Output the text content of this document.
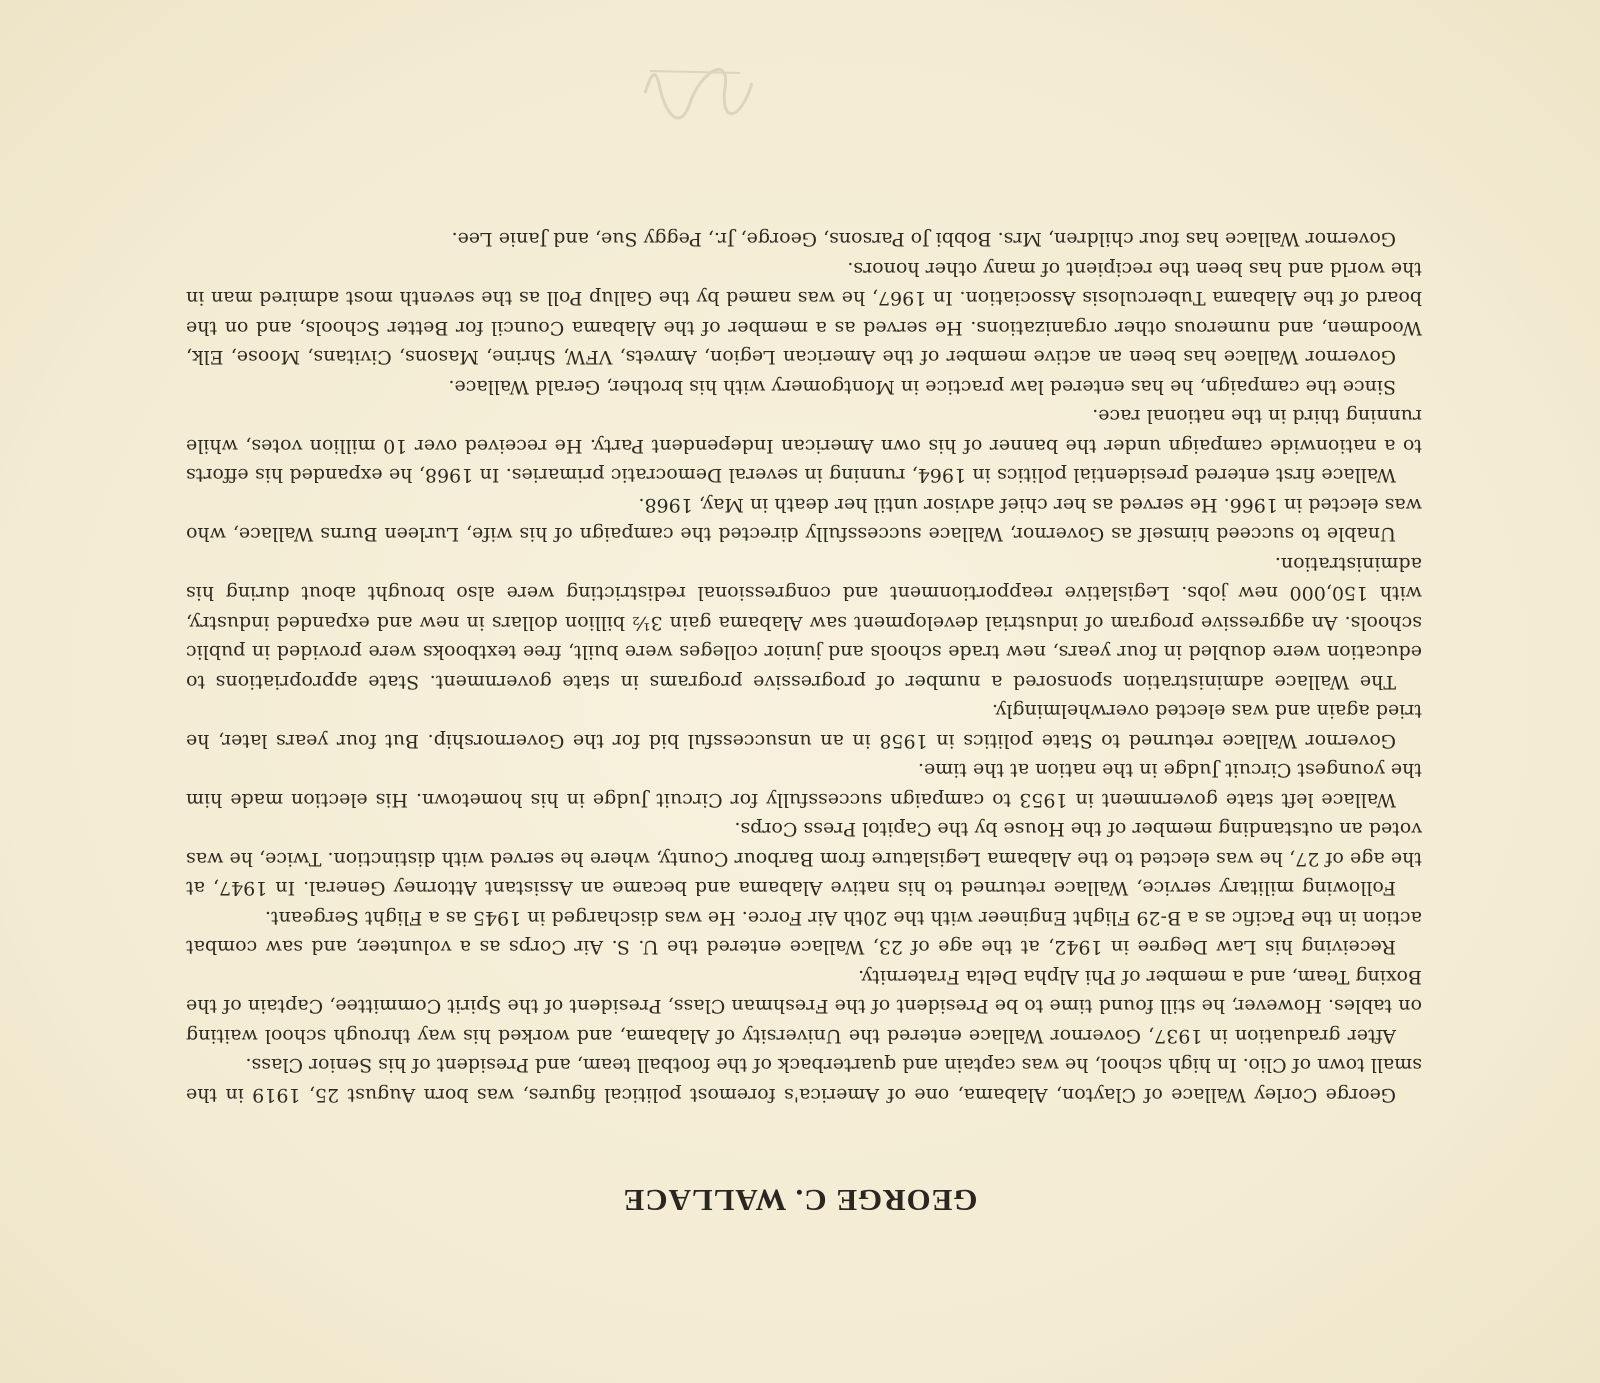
GEORGE C. WALLACE

George Corley Wallace of Clayton, Alabama, one of America's foremost political figures, was born August 25, 1919 in the small town of Clio. In high school, he was captain and quarterback of the football team, and President of his Senior Class.

After graduation in 1937, Governor Wallace entered the University of Alabama, and worked his way through school waiting on tables. However, he still found time to be President of the Freshman Class, President of the Spirit Committee, Captain of the Boxing Team, and a member of Phi Alpha Delta Fraternity.

Receiving his Law Degree in 1942, at the age of 23, Wallace entered the U. S. Air Corps as a volunteer, and saw combat action in the Pacific as a B-29 Flight Engineer with the 20th Air Force. He was discharged in 1945 as a Flight Sergeant.

Following military service, Wallace returned to his native Alabama and became an Assistant Attorney General. In 1947, at the age of 27, he was elected to the Alabama Legislature from Barbour County, where he served with distinction. Twice, he was voted an outstanding member of the House by the Capitol Press Corps.

Wallace left state government in 1953 to campaign successfully for Circuit Judge in his hometown. His election made him the youngest Circuit Judge in the nation at the time.

Governor Wallace returned to State politics in 1958 in an unsuccessful bid for the Governorship. But four years later, he tried again and was elected overwhelmingly.

The Wallace administration sponsored a number of progressive programs in state government. State appropriations to education were doubled in four years, new trade schools and junior colleges were built, free textbooks were provided in public schools. An aggressive program of industrial development saw Alabama gain 3½ billion dollars in new and expanded industry, with 150,000 new jobs. Legislative reapportionment and congressional redistricting were also brought about during his administration.

Unable to succeed himself as Governor, Wallace successfully directed the campaign of his wife, Lurleen Burns Wallace, who was elected in 1966. He served as her chief advisor until her death in May, 1968.

Wallace first entered presidential politics in 1964, running in several Democratic primaries. In 1968, he expanded his efforts to a nationwide campaign under the banner of his own American Independent Party. He received over 10 million votes, while running third in the national race.

Since the campaign, he has entered law practice in Montgomery with his brother, Gerald Wallace.

Governor Wallace has been an active member of the American Legion, Amvets, VFW, Shrine, Masons, Civitans, Moose, Elk, Woodmen, and numerous other organizations. He served as a member of the Alabama Council for Better Schools, and on the board of the Alabama Tuberculosis Association. In 1967, he was named by the Gallup Poll as the seventh most admired man in the world and has been the recipient of many other honors.

Governor Wallace has four children, Mrs. Bobbi Jo Parsons, George, Jr., Peggy Sue, and Janie Lee.
